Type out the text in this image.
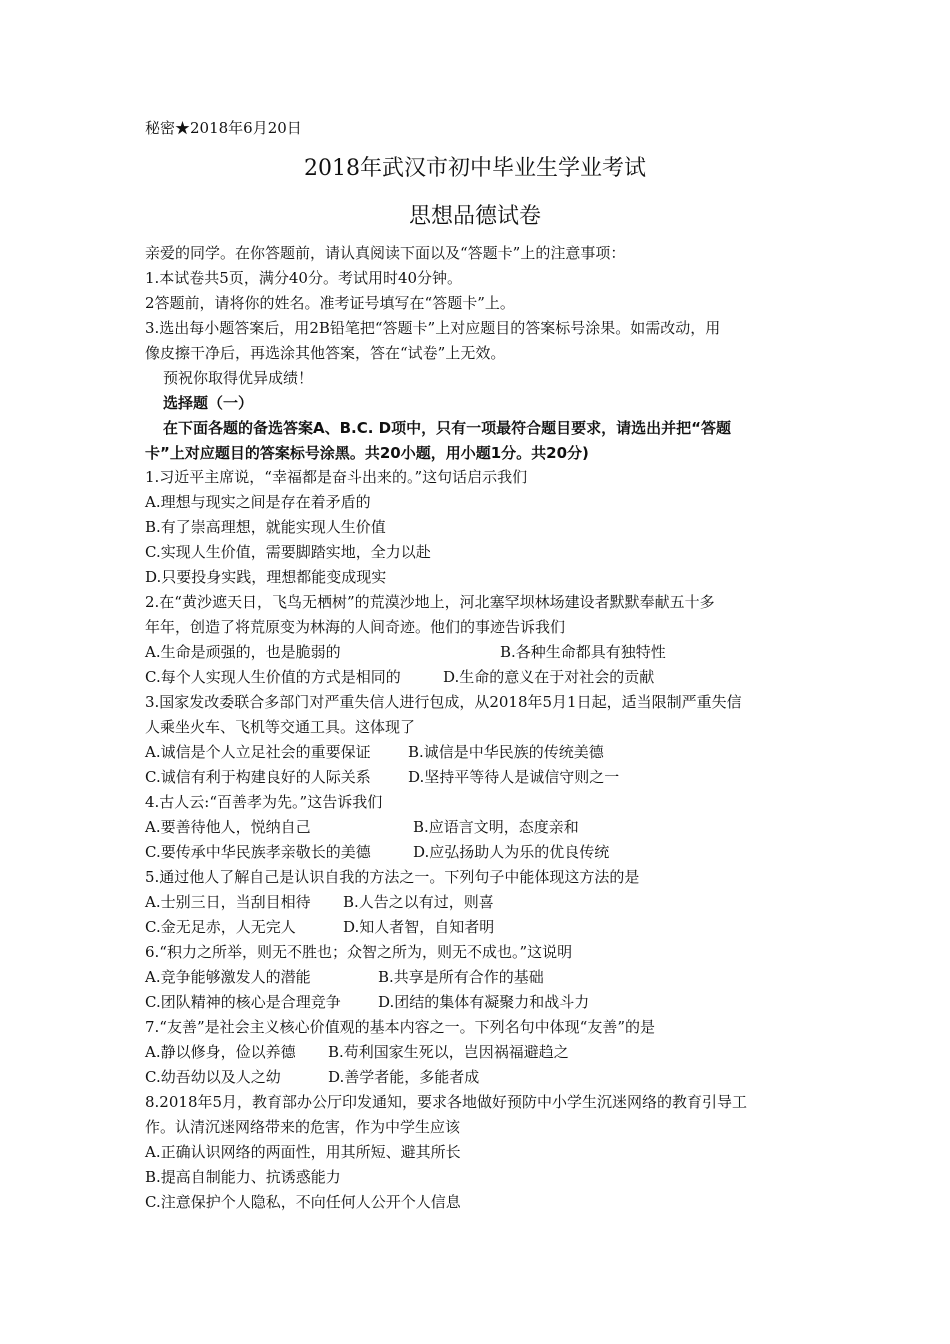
秘密★2018年6月20日
2018年武汉市初中毕业生学业考试
思想品德试卷
亲爱的同学。在你答题前，请认真阅读下面以及“答题卡”上的注意事项：
1.本试卷共5页，满分40分。考试用时40分钟。
2答题前，请将你的姓名。准考证号填写在“答题卡”上。
3.选出每小题答案后，用2B铅笔把“答题卡”上对应题目的答案标号涂果。如需改动，用
像皮擦干净后，再选涂其他答案，答在“试卷”上无效。
预祝你取得优异成绩！
选择题（一）
在下面各题的备选答案A、B.C. D项中，只有一项最符合题目要求，请选出并把“答题
卡”上对应题目的答案标号涂黑。共20小题，用小题1分。共20分)
1.习近平主席说，“幸福都是奋斗出来的。”这句话启示我们
A.理想与现实之间是存在着矛盾的
B.有了崇高理想，就能实现人生价值
C.实现人生价值，需要脚踏实地，全力以赴
D.只要投身实践，理想都能变成现实
2.在“黄沙遮天日，飞鸟无栖树”的荒漠沙地上，河北塞罕坝林场建设者默默奉献五十多
年年，创造了将荒原变为林海的人间奇迹。他们的事迹告诉我们
A.生命是顽强的，也是脆弱的	B.各种生命都具有独特性
C.每个人实现人生价值的方式是相同的	D.生命的意义在于对社会的贡献
3.国家发改委联合多部门对严重失信人进行包成，从2018年5月1日起，适当限制严重失信
人乘坐火车、飞机等交通工具。这体现了
A.诚信是个人立足社会的重要保证 B.诚信是中华民族的传统美德
C.诚信有利于构建良好的人际关系 D.坚持平等待人是诚信守则之一
4.古人云:“百善孝为先。”这告诉我们
A.要善待他人，悦纳自己	B.应语言文明，态度亲和
C.要传承中华民族孝亲敬长的美德	D.应弘扬助人为乐的优良传统
5.通过他人了解自己是认识自我的方法之一。下列句子中能体现这方法的是
A.士别三日，当刮目相待 B.人告之以有过，则喜
C.金无足赤，人无完人	D.知人者智，自知者明
6.“积力之所举，则无不胜也；众智之所为，则无不成也。”这说明
A.竞争能够激发人的潜能	B.共享是所有合作的基础
C.团队精神的核心是合理竞争 D.团结的集体有凝聚力和战斗力
7.“友善”是社会主义核心价值观的基本内容之一。下列名句中体现“友善”的是
A.静以修身，俭以养德 B.苟利国家生死以，岂因祸福避趋之
C.幼吾幼以及人之幼	D.善学者能，多能者成
8.2018年5月，教育部办公厅印发通知，要求各地做好预防中小学生沉迷网络的教育引导工
作。认清沉迷网络带来的危害，作为中学生应该
A.正确认识网络的两面性，用其所短、避其所长
B.提高自制能力、抗诱惑能力
C.注意保护个人隐私，不向任何人公开个人信息
